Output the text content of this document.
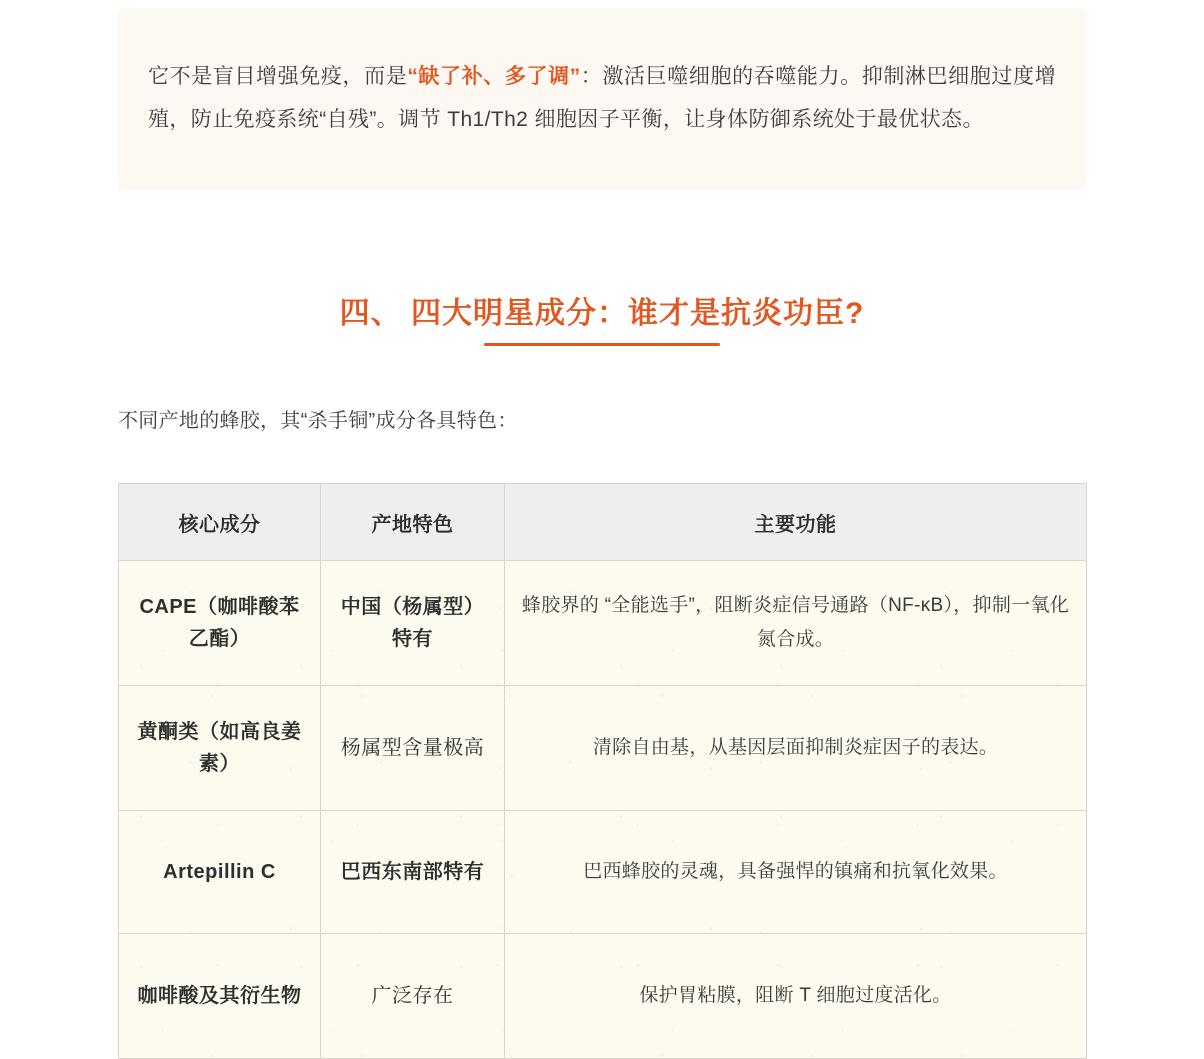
它不是盲目增强免疫，而是“缺了补、多了调”：激活巨噬细胞的吞噬能力。抑制淋巴细胞过度增殖，防止免疫系统“自残”。调节 Th1/Th2 细胞因子平衡，让身体防御系统处于最优状态。

四、 四大明星成分：谁才是抗炎功臣?
不同产地的蜂胶，其“杀手铜”成分各具特色：
核心成分	产地特色	主要功能
CAPE（咖啡酸苯乙酯）	中国（杨属型）特有	蜂胶界的 “全能选手”，阻断炎症信号通路（NF-κB），抑制一氧化氮合成。
黄酮类（如高良姜素）	杨属型含量极高	清除自由基，从基因层面抑制炎症因子的表达。
Artepillin C	巴西东南部特有	巴西蜂胶的灵魂，具备强悍的镇痛和抗氧化效果。
咖啡酸及其衍生物	广泛存在	保护胃粘膜，阻断 T 细胞过度活化。
